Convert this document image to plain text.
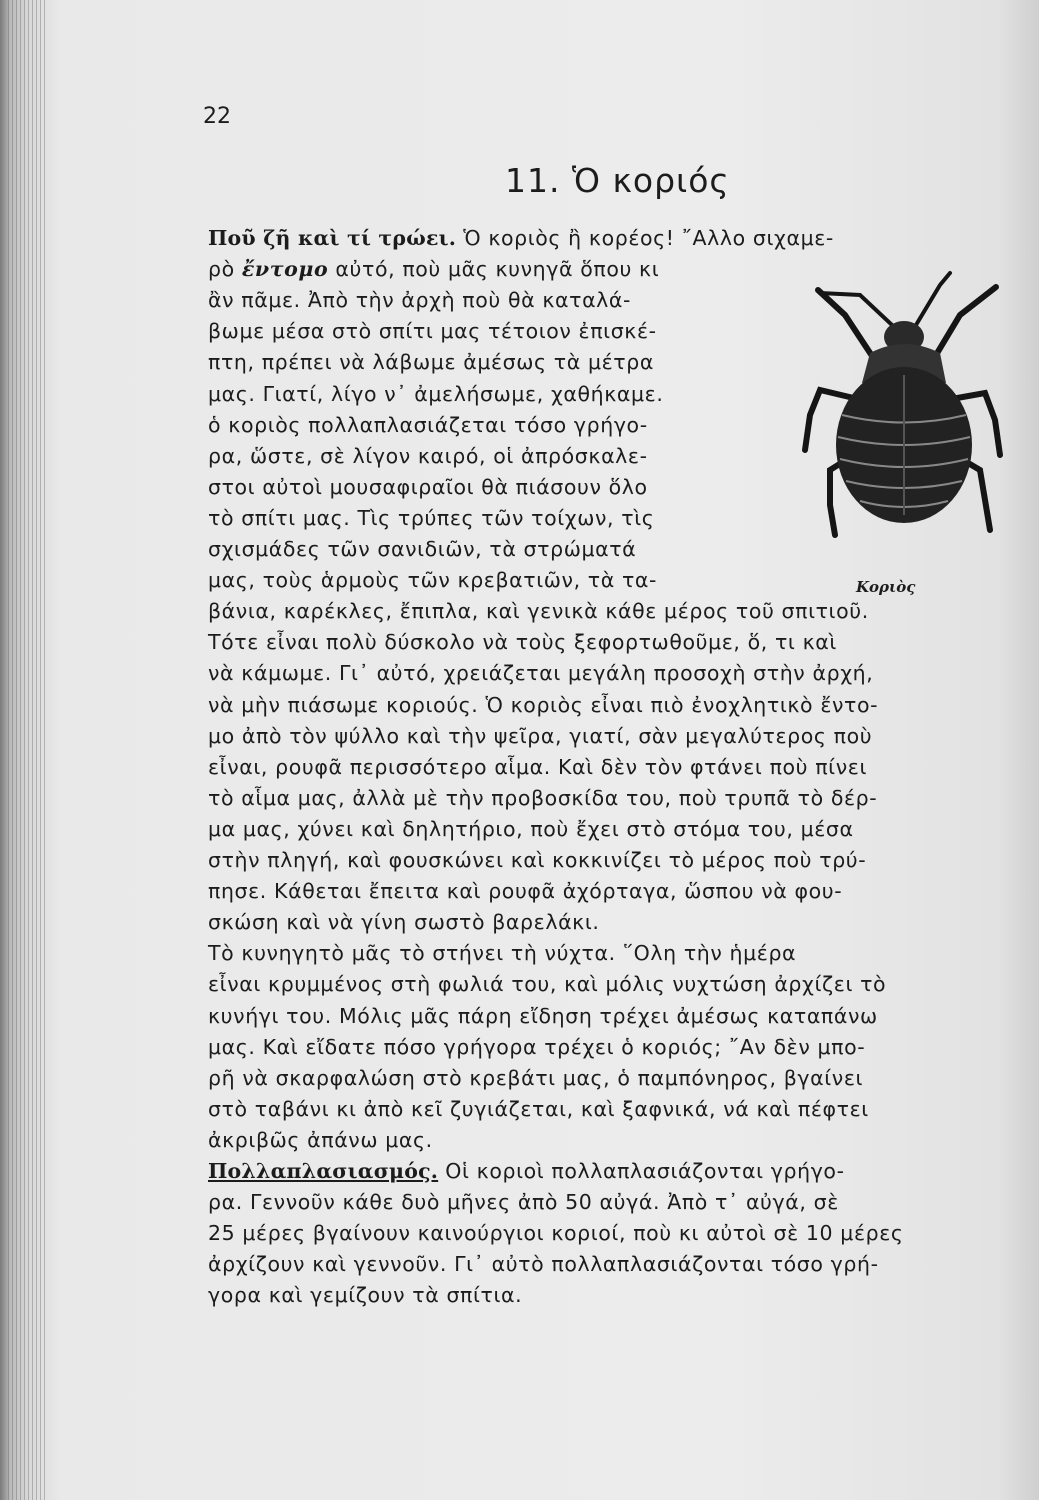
22
11. Ὁ κοριός
Ποῦ ζῆ καὶ τί τρώει. Ὁ κοριὸς ἢ κορέος! ῎Αλλο σιχαμε-
ρὸ ἔντομο αὐτό, ποὺ μᾶς κυνηγᾶ ὅπου κι
ἂν πᾶμε. Ἀπὸ τὴν ἀρχὴ ποὺ θὰ καταλά-
βωμε μέσα στὸ σπίτι μας τέτοιον ἐπισκέ-
πτη, πρέπει νὰ λάβωμε ἀμέσως τὰ μέτρα
μας. Γιατί, λίγο ν᾿ ἀμελήσωμε, χαθήκαμε.
ὁ κοριὸς πολλαπλασιάζεται τόσο γρήγο-
ρα, ὥστε, σὲ λίγον καιρό, οἱ ἀπρόσκαλε-
στοι αὐτοὶ μουσαφιραῖοι θὰ πιάσουν ὅλο
τὸ σπίτι μας. Τὶς τρύπες τῶν τοίχων, τὶς
σχισμάδες τῶν σανιδιῶν, τὰ στρώματά
μας, τοὺς ἁρμοὺς τῶν κρεβατιῶν, τὰ τα-
βάνια, καρέκλες, ἔπιπλα, καὶ γενικὰ κάθε μέρος τοῦ σπιτιοῦ.
Τότε εἶναι πολὺ δύσκολο νὰ τοὺς ξεφορτωθοῦμε, ὅ, τι καὶ
νὰ κάμωμε. Γι᾿ αὐτό, χρειάζεται μεγάλη προσοχὴ στὴν ἀρχή,
νὰ μὴν πιάσωμε κοριούς. Ὁ κοριὸς εἶναι πιὸ ἐνοχλητικὸ ἔντο-
μο ἀπὸ τὸν ψύλλο καὶ τὴν ψεῖρα, γιατί, σὰν μεγαλύτερος ποὺ
εἶναι, ρουφᾶ περισσότερο αἷμα. Καὶ δὲν τὸν φτάνει ποὺ πίνει
τὸ αἷμα μας, ἀλλὰ μὲ τὴν προβοσκίδα του, ποὺ τρυπᾶ τὸ δέρ-
μα μας, χύνει καὶ δηλητήριο, ποὺ ἔχει στὸ στόμα του, μέσα
στὴν πληγή, καὶ φουσκώνει καὶ κοκκινίζει τὸ μέρος ποὺ τρύ-
πησε. Κάθεται ἔπειτα καὶ ρουφᾶ ἀχόρταγα, ὥσπου νὰ φου-
σκώση καὶ νὰ γίνη σωστὸ βαρελάκι.
Τὸ κυνηγητὸ μᾶς τὸ στήνει τὴ νύχτα. ῞Ολη τὴν ἡμέρα
εἶναι κρυμμένος στὴ φωλιά του, καὶ μόλις νυχτώση ἀρχίζει τὸ
κυνήγι του. Μόλις μᾶς πάρη εἴδηση τρέχει ἀμέσως καταπάνω
μας. Καὶ εἴδατε πόσο γρήγορα τρέχει ὁ κοριός; ῎Αν δὲν μπο-
ρῆ νὰ σκαρφαλώση στὸ κρεβάτι μας, ὁ παμπόνηρος, βγαίνει
στὸ ταβάνι κι ἀπὸ κεῖ ζυγιάζεται, καὶ ξαφνικά, νά καὶ πέφτει
ἀκριβῶς ἀπάνω μας.
Πολλαπλασιασμός. Οἱ κοριοὶ πολλαπλασιάζονται γρήγο-
ρα. Γεννοῦν κάθε δυὸ μῆνες ἀπὸ 50 αὐγά. Ἀπὸ τ᾿ αὐγά, σὲ
25 μέρες βγαίνουν καινούργιοι κοριοί, ποὺ κι αὐτοὶ σὲ 10 μέρες
ἀρχίζουν καὶ γεννοῦν. Γι᾿ αὐτὸ πολλαπλασιάζονται τόσο γρή-
γορα καὶ γεμίζουν τὰ σπίτια.
Κοριὸς
